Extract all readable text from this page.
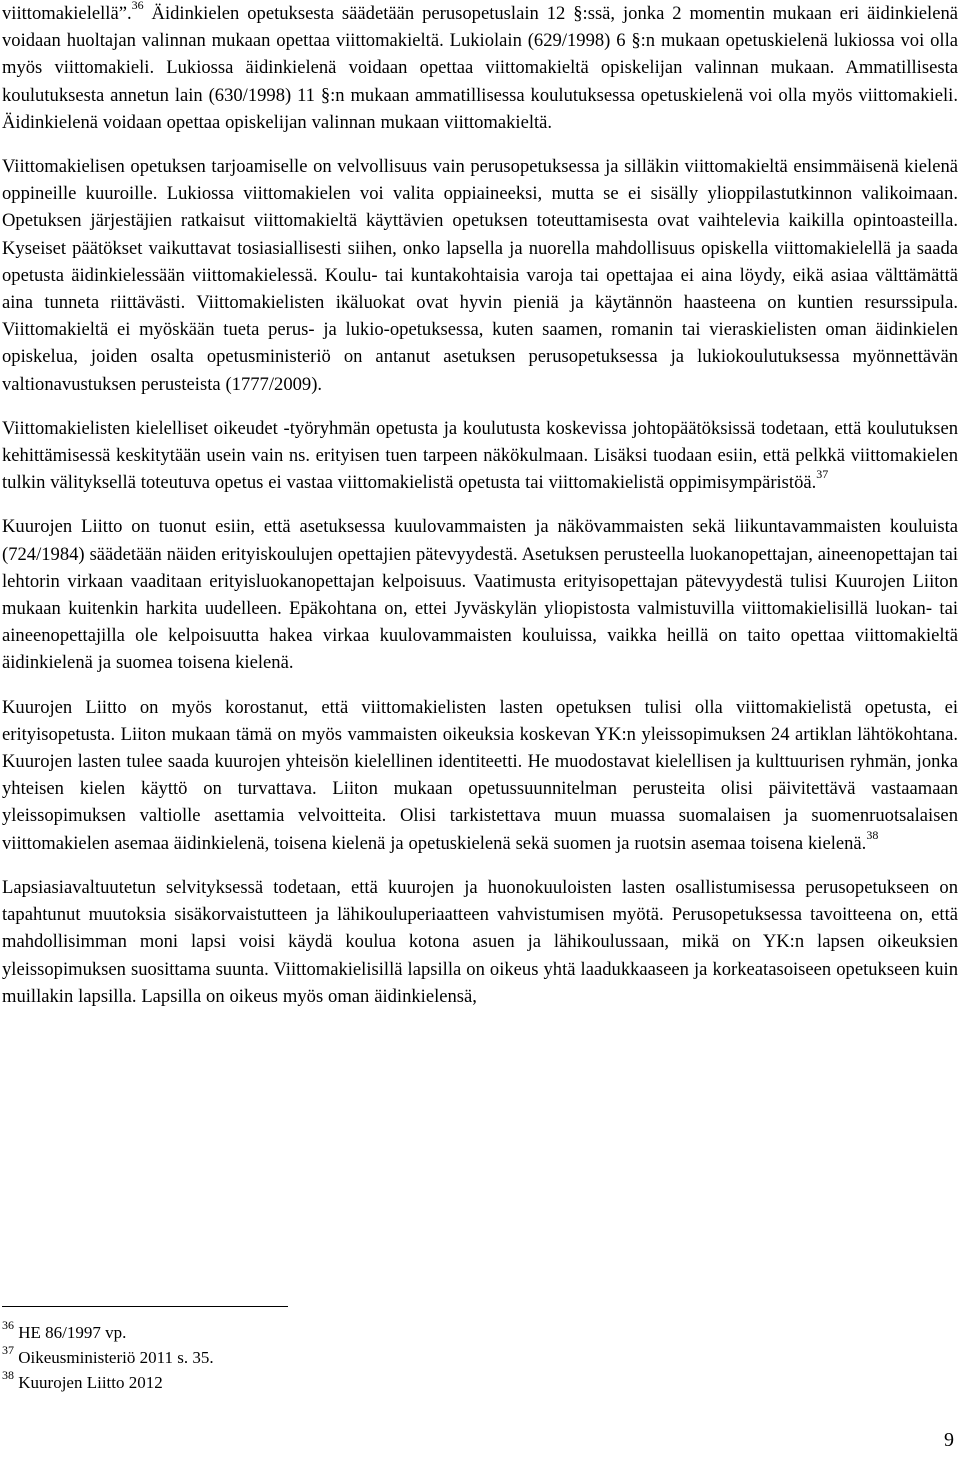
viittomakielellä”.$^{36}$ Äidinkielen opetuksesta säädetään perusopetuslain 12 §:ssä, jonka 2 momentin mukaan eri äidinkielenä voidaan huoltajan valinnan mukaan opettaa viittomakieltä. Lukiolain (629/1998) 6 §:n mukaan opetuskielenä lukiossa voi olla myös viittomakieli. Lukiossa äidinkielenä voidaan opettaa viittomakieltä opiskelijan valinnan mukaan. Ammatillisesta koulutuksesta annetun lain (630/1998) 11 §:n mukaan ammatillisessa koulutuksessa opetuskielenä voi olla myös viittomakieli. Äidinkielenä voidaan opettaa opiskelijan valinnan mukaan viittomakieltä.

Viittomakielisen opetuksen tarjoamiselle on velvollisuus vain perusopetuksessa ja silläkin viittomakieltä ensimmäisenä kielenä oppineille kuuroille. Lukiossa viittomakielen voi valita oppiaineeksi, mutta se ei sisälly ylioppilastutkinnon valikoimaan. Opetuksen järjestäjien ratkaisut viittomakieltä käyttävien opetuksen toteuttamisesta ovat vaihtelevia kaikilla opintoasteilla. Kyseiset päätökset vaikuttavat tosiasiallisesti siihen, onko lapsella ja nuorella mahdollisuus opiskella viittomakielellä ja saada opetusta äidinkielessään viittomakielessä. Koulu- tai kuntakohtaisia varoja tai opettajaa ei aina löydy, eikä asiaa välttämättä aina tunneta riittävästi. Viittomakielisten ikäluokat ovat hyvin pieniä ja käytännön haasteena on kuntien resurssipula. Viittomakieltä ei myöskään tueta perus- ja lukio-opetuksessa, kuten saamen, romanin tai vieraskielisten oman äidinkielen opiskelua, joiden osalta opetusministeriö on antanut asetuksen perusopetuksessa ja lukiokoulutuksessa myönnettävän valtionavustuksen perusteista (1777/2009).

Viittomakielisten kielelliset oikeudet -työryhmän opetusta ja koulutusta koskevissa johtopäätöksissä todetaan, että koulutuksen kehittämisessä keskitytään usein vain ns. erityisen tuen tarpeen näkökulmaan. Lisäksi tuodaan esiin, että pelkkä viittomakielen tulkin välityksellä toteutuva opetus ei vastaa viittomakielistä opetusta tai viittomakielistä oppimisympäristöä.$^{37}$

Kuurojen Liitto on tuonut esiin, että asetuksessa kuulovammaisten ja näkövammaisten sekä liikuntavammaisten kouluista (724/1984) säädetään näiden erityiskoulujen opettajien pätevyydestä. Asetuksen perusteella luokanopettajan, aineenopettajan tai lehtorin virkaan vaaditaan erityisluokanopettajan kelpoisuus. Vaatimusta erityisopettajan pätevyydestä tulisi Kuurojen Liiton mukaan kuitenkin harkita uudelleen. Epäkohtana on, ettei Jyväskylän yliopistosta valmistuvilla viittomakielisillä luokan- tai aineenopettajilla ole kelpoisuutta hakea virkaa kuulovammaisten kouluissa, vaikka heillä on taito opettaa viittomakieltä äidinkielenä ja suomea toisena kielenä.

Kuurojen Liitto on myös korostanut, että viittomakielisten lasten opetuksen tulisi olla viittomakielistä opetusta, ei erityisopetusta. Liiton mukaan tämä on myös vammaisten oikeuksia koskevan YK:n yleissopimuksen 24 artiklan lähtökohtana. Kuurojen lasten tulee saada kuurojen yhteisön kielellinen identiteetti. He muodostavat kielellisen ja kulttuurisen ryhmän, jonka yhteisen kielen käyttö on turvattava. Liiton mukaan opetussuunnitelman perusteita olisi päivitettävä vastaamaan yleissopimuksen valtiolle asettamia velvoitteita. Olisi tarkistettava muun muassa suomalaisen ja suomenruotsalaisen viittomakielen asemaa äidinkielenä, toisena kielenä ja opetuskielenä sekä suomen ja ruotsin asemaa toisena kielenä.$^{38}$

Lapsiasiavaltuutetun selvityksessä todetaan, että kuurojen ja huonokuuloisten lasten osallistumisessa perusopetukseen on tapahtunut muutoksia sisäkorvaistutteen ja lähikouluperiaatteen vahvistumisen myötä. Perusopetuksessa tavoitteena on, että mahdollisimman moni lapsi voisi käydä koulua kotona asuen ja lähikoulussaan, mikä on YK:n lapsen oikeuksien yleissopimuksen suosittama suunta. Viittomakielisillä lapsilla on oikeus yhtä laadukkaaseen ja korkeatasoiseen opetukseen kuin muillakin lapsilla. Lapsilla on oikeus myös oman äidinkielensä,

$^{36}$ HE 86/1997 vp.

$^{37}$ Oikeusministeriö 2011 s. 35.

$^{38}$ Kuurojen Liitto 2012

9
